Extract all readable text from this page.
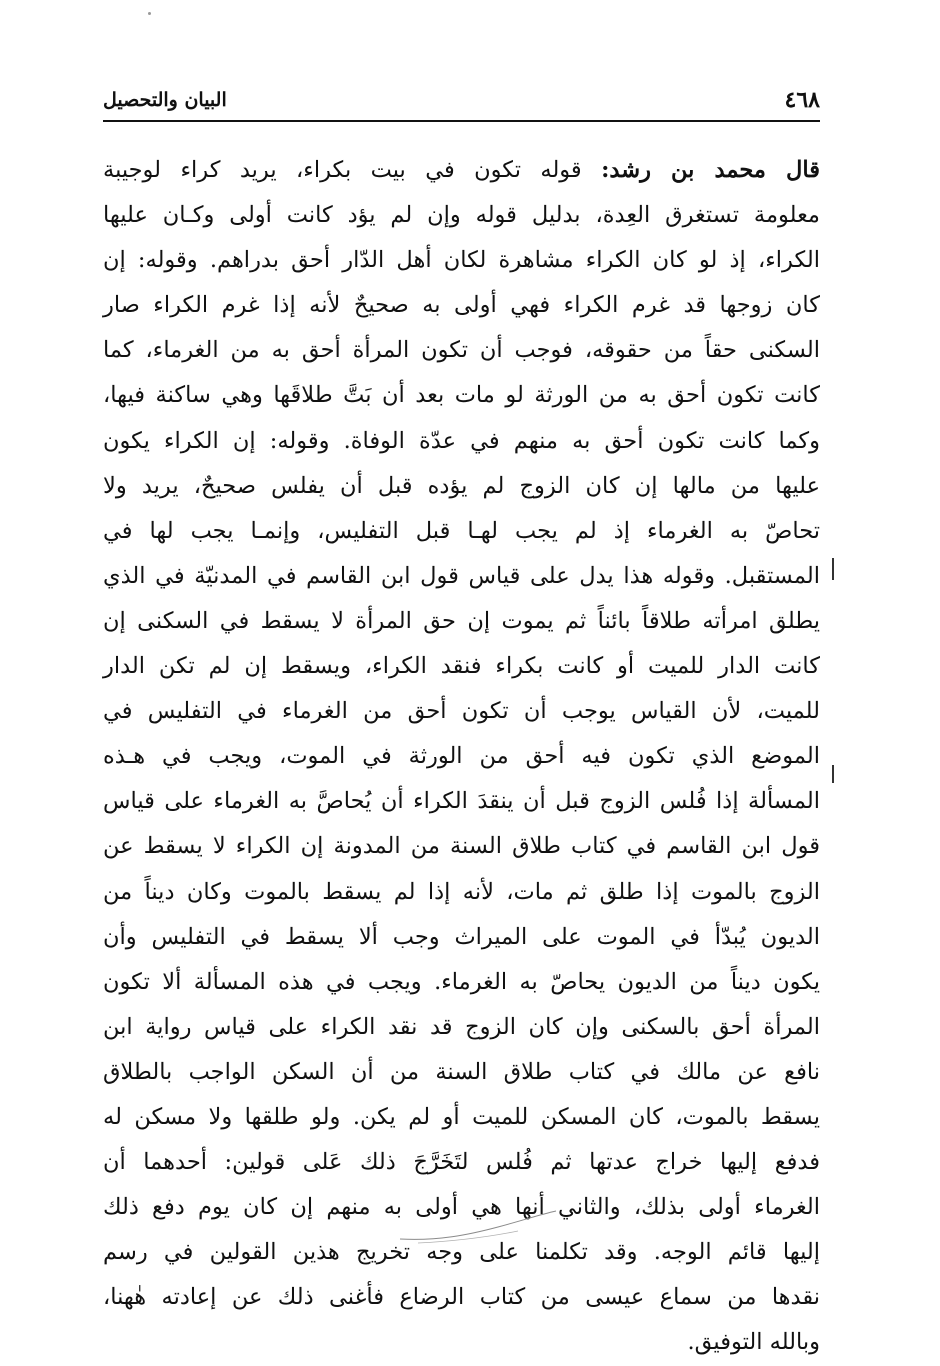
٤٦٨
البيان والتحصيل
قال محمد بن رشد: قوله تكون في بيت بكراء، يريد كراء لوجيبة
معلومة تستغرق العِدة، بدليل قوله وإن لم يؤد كانت أولى وكـان عليها
الكراء، إذ لو كان الكراء مشاهرة لكان أهل الدّار أحق بدراهم. وقوله: إن
كان زوجها قد غرم الكراء فهي أولى به صحيحٌ لأنه إذا غرم الكراء صار
السكنى حقاً من حقوقه، فوجب أن تكون المرأة أحق به من الغرماء، كما
كانت تكون أحق به من الورثة لو مات بعد أن بَتَّ طلاقَها وهي ساكنة فيها،
وكما كانت تكون أحق به منهم في عدّة الوفاة. وقوله: إن الكراء يكون
عليها من مالها إن كان الزوج لم يؤده قبل أن يفلس صحيحٌ، يريد ولا
تحاصّ به الغرماء إذ لم يجب لهـا قبل التفليس، وإنمـا يجب لها في
المستقبل. وقوله هذا يدل على قياس قول ابن القاسم في المدنيّة في الذي
يطلق امرأته طلاقاً بائناً ثم يموت إن حق المرأة لا يسقط في السكنى إن
كانت الدار للميت أو كانت بكراء فنقد الكراء، ويسقط إن لم تكن الدار
للميت، لأن القياس يوجب أن تكون أحق من الغرماء في التفليس في
الموضع الذي تكون فيه أحق من الورثة في الموت، ويجب في هـذه
المسألة إذا فُلس الزوج قبل أن ينقدَ الكراء أن يُحاصَّ به الغرماء على قياس
قول ابن القاسم في كتاب طلاق السنة من المدونة إن الكراء لا يسقط عن
الزوج بالموت إذا طلق ثم مات، لأنه إذا لم يسقط بالموت وكان ديناً من
الديون يُبدّأ في الموت على الميراث وجب ألا يسقط في التفليس وأن
يكون ديناً من الديون يحاصّ به الغرماء. ويجب في هذه المسألة ألا تكون
المرأة أحق بالسكنى وإن كان الزوج قد نقد الكراء على قياس رواية ابن
نافع عن مالك في كتاب طلاق السنة من أن السكن الواجب بالطلاق
يسقط بالموت، كان المسكن للميت أو لم يكن. ولو طلقها ولا مسكن له
فدفع إليها خراج عدتها ثم فُلس لتَخَرَّجَ ذلك عَلى قولين: أحدهما أن
الغرماء أولى بذلك، والثاني أنها هي أولى به منهم إن كان يوم دفع ذلك
إليها قائم الوجه. وقد تكلمنا على وجه تخريج هذين القولين في رسم
نقدها من سماع عيسى من كتاب الرضاع فأغنى ذلك عن إعادته هٰهنا،
وبالله التوفيق.
